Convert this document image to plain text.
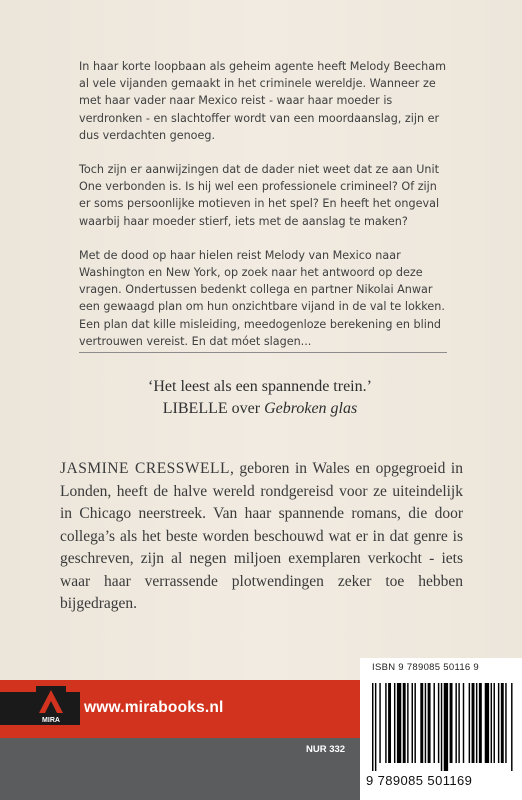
In haar korte loopbaan als geheim agente heeft Melody Beecham al vele vijanden gemaakt in het criminele wereldje. Wanneer ze met haar vader naar Mexico reist - waar haar moeder is verdronken - en slachtoffer wordt van een moordaanslag, zijn er dus verdachten genoeg.

Toch zijn er aanwijzingen dat de dader niet weet dat ze aan Unit One verbonden is. Is hij wel een professionele crimineel? Of zijn er soms persoonlijke motieven in het spel? En heeft het ongeval waarbij haar moeder stierf, iets met de aanslag te maken?

Met de dood op haar hielen reist Melody van Mexico naar Washington en New York, op zoek naar het antwoord op deze vragen. Ondertussen bedenkt collega en partner Nikolai Anwar een gewaagd plan om hun onzichtbare vijand in de val te lokken. Een plan dat kille misleiding, meedogenloze berekening en blind vertrouwen vereist. En dat móet slagen...

‘Het leest als een spannende trein.’
LIBELLE over Gebroken glas
JASMINE CRESSWELL, geboren in Wales en opgegroeid in Londen, heeft de halve wereld rondgereisd voor ze uiteindelijk in Chicago neerstreek. Van haar spannende romans, die door collega’s als het beste worden beschouwd wat er in dat genre is geschreven, zijn al negen miljoen exemplaren verkocht - iets waar haar verrassende plotwendingen zeker toe hebben bijgedragen.
ISBN 9 789085 50116 9
MIRA
www.mirabooks.nl
NUR 332
9 789085 501169
